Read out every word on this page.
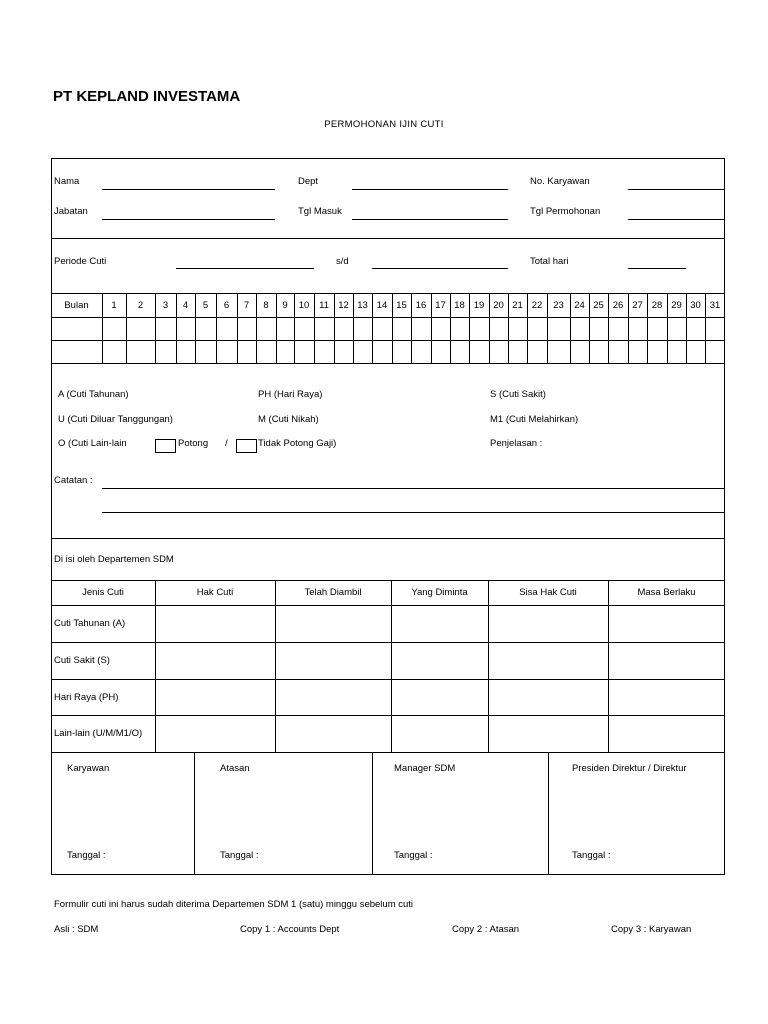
PT KEPLAND INVESTAMA
PERMOHONAN IJIN CUTI
Nama	Dept	No. Karyawan
Jabatan	Tgl Masuk	Tgl Permohonan
Periode Cuti	s/d	Total hari
Bulan	1	2	3	4	5	6	7	8	9	10	11 12 13 14 15 16 17 18 19 20 21 22	23	24 25 26 27 28 29 30 31
A (Cuti Tahunan)	PH (Hari Raya)	S (Cuti Sakit)
U (Cuti Diluar Tanggungan)	M (Cuti Nikah)	M1 (Cuti Melahirkan)
O (Cuti Lain-lain	Potong /	Tidak Potong Gaji)	Penjelasan :
Catatan :
Di isi oleh Departemen SDM
Jenis Cuti	Hak Cuti	Telah Diambil	Yang Diminta	Sisa Hak Cuti	Masa Berlaku
Cuti Tahunan (A)
Cuti Sakit (S)
Hari Raya (PH)
Lain-lain (U/M/M1/O)
Karyawan
Tanggal :
Atasan
Tanggal :
Manager SDM
Tanggal :
Presiden Direktur / Direktur
Tanggal :
Formulir cuti ini harus sudah diterima Departemen SDM 1 (satu) minggu sebelum cuti
Asli : SDM	Copy 1 : Accounts Dept	Copy 2 : Atasan	Copy 3 : Karyawan
